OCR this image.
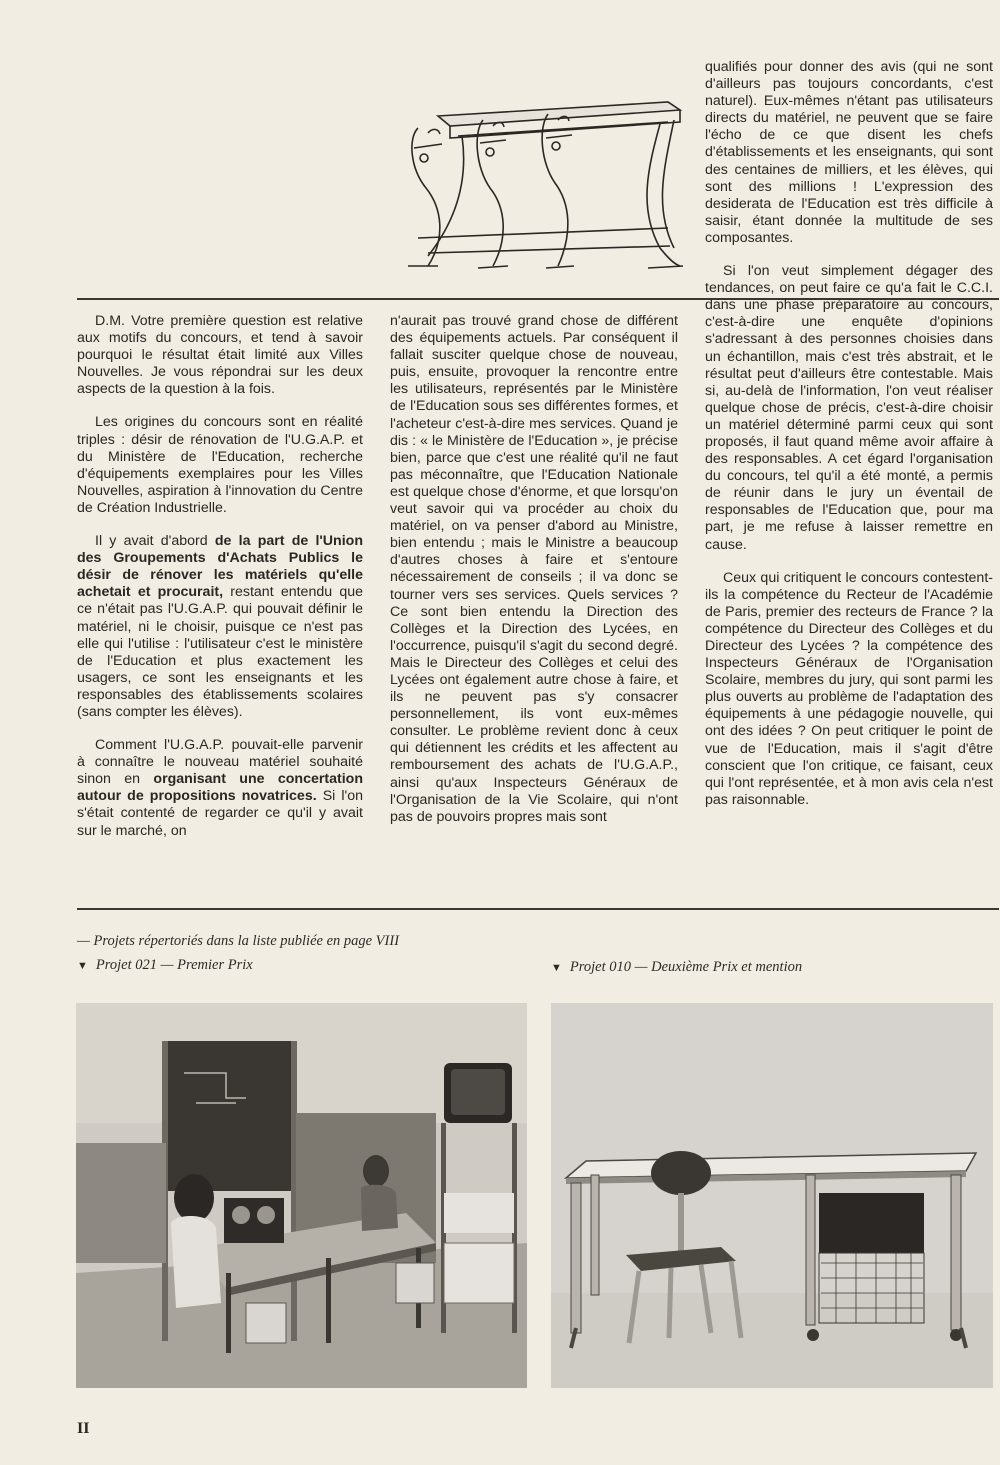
D.M. Votre première question est relative aux motifs du concours, et tend à savoir pourquoi le résultat était limité aux Villes Nouvelles. Je vous répondrai sur les deux aspects de la question à la fois.

Les origines du concours sont en réalité triples : désir de rénovation de l'U.G.A.P. et du Ministère de l'Education, recherche d'équipements exemplaires pour les Villes Nouvelles, aspiration à l'innovation du Centre de Création Industrielle.

Il y avait d'abord de la part de l'Union des Groupements d'Achats Publics le désir de rénover les matériels qu'elle achetait et procurait, restant entendu que ce n'était pas l'U.G.A.P. qui pouvait définir le matériel, ni le choisir, puisque ce n'est pas elle qui l'utilise : l'utilisateur c'est le ministère de l'Education et plus exactement les usagers, ce sont les enseignants et les responsables des établissements scolaires (sans compter les élèves).

Comment l'U.G.A.P. pouvait-elle parvenir à connaître le nouveau matériel souhaité sinon en organisant une concertation autour de propositions novatrices. Si l'on s'était contenté de regarder ce qu'il y avait sur le marché, on

n'aurait pas trouvé grand chose de différent des équipements actuels. Par conséquent il fallait susciter quelque chose de nouveau, puis, ensuite, provoquer la rencontre entre les utilisateurs, représentés par le Ministère de l'Education sous ses différentes formes, et l'acheteur c'est-à-dire mes services. Quand je dis : « le Ministère de l'Education », je précise bien, parce que c'est une réalité qu'il ne faut pas méconnaître, que l'Education Nationale est quelque chose d'énorme, et que lorsqu'on veut savoir qui va procéder au choix du matériel, on va penser d'abord au Ministre, bien entendu ; mais le Ministre a beaucoup d'autres choses à faire et s'entoure nécessairement de conseils ; il va donc se tourner vers ses services. Quels services ? Ce sont bien entendu la Direction des Collèges et la Direction des Lycées, en l'occurrence, puisqu'il s'agit du second degré. Mais le Directeur des Collèges et celui des Lycées ont également autre chose à faire, et ils ne peuvent pas s'y consacrer personnellement, ils vont eux-mêmes consulter. Le problème revient donc à ceux qui détiennent les crédits et les affectent au remboursement des achats de l'U.G.A.P., ainsi qu'aux Inspecteurs Généraux de l'Organisation de la Vie Scolaire, qui n'ont pas de pouvoirs propres mais sont

qualifiés pour donner des avis (qui ne sont d'ailleurs pas toujours concordants, c'est naturel). Eux-mêmes n'étant pas utilisateurs directs du matériel, ne peuvent que se faire l'écho de ce que disent les chefs d'établissements et les enseignants, qui sont des centaines de milliers, et les élèves, qui sont des millions ! L'expression des desiderata de l'Education est très difficile à saisir, étant donnée la multitude de ses composantes.

Si l'on veut simplement dégager des tendances, on peut faire ce qu'a fait le C.C.I. dans une phase préparatoire au concours, c'est-à-dire une enquête d'opinions s'adressant à des personnes choisies dans un échantillon, mais c'est très abstrait, et le résultat peut d'ailleurs être contestable. Mais si, au-delà de l'information, l'on veut réaliser quelque chose de précis, c'est-à-dire choisir un matériel déterminé parmi ceux qui sont proposés, il faut quand même avoir affaire à des responsables. A cet égard l'organisation du concours, tel qu'il a été monté, a permis de réunir dans le jury un éventail de responsables de l'Education que, pour ma part, je me refuse à laisser remettre en cause.

Ceux qui critiquent le concours contestent-ils la compétence du Recteur de l'Académie de Paris, premier des recteurs de France ? la compétence du Directeur des Collèges et du Directeur des Lycées ? la compétence des Inspecteurs Généraux de l'Organisation Scolaire, membres du jury, qui sont parmi les plus ouverts au problème de l'adaptation des équipements à une pédagogie nouvelle, qui ont des idées ? On peut critiquer le point de vue de l'Education, mais il s'agit d'être conscient que l'on critique, ce faisant, ceux qui l'ont représentée, et à mon avis cela n'est pas raisonnable.

— Projets répertoriés dans la liste publiée en page VIII
▼ Projet 021 — Premier Prix	▼ Projet 010 — Deuxième Prix et mention
II
